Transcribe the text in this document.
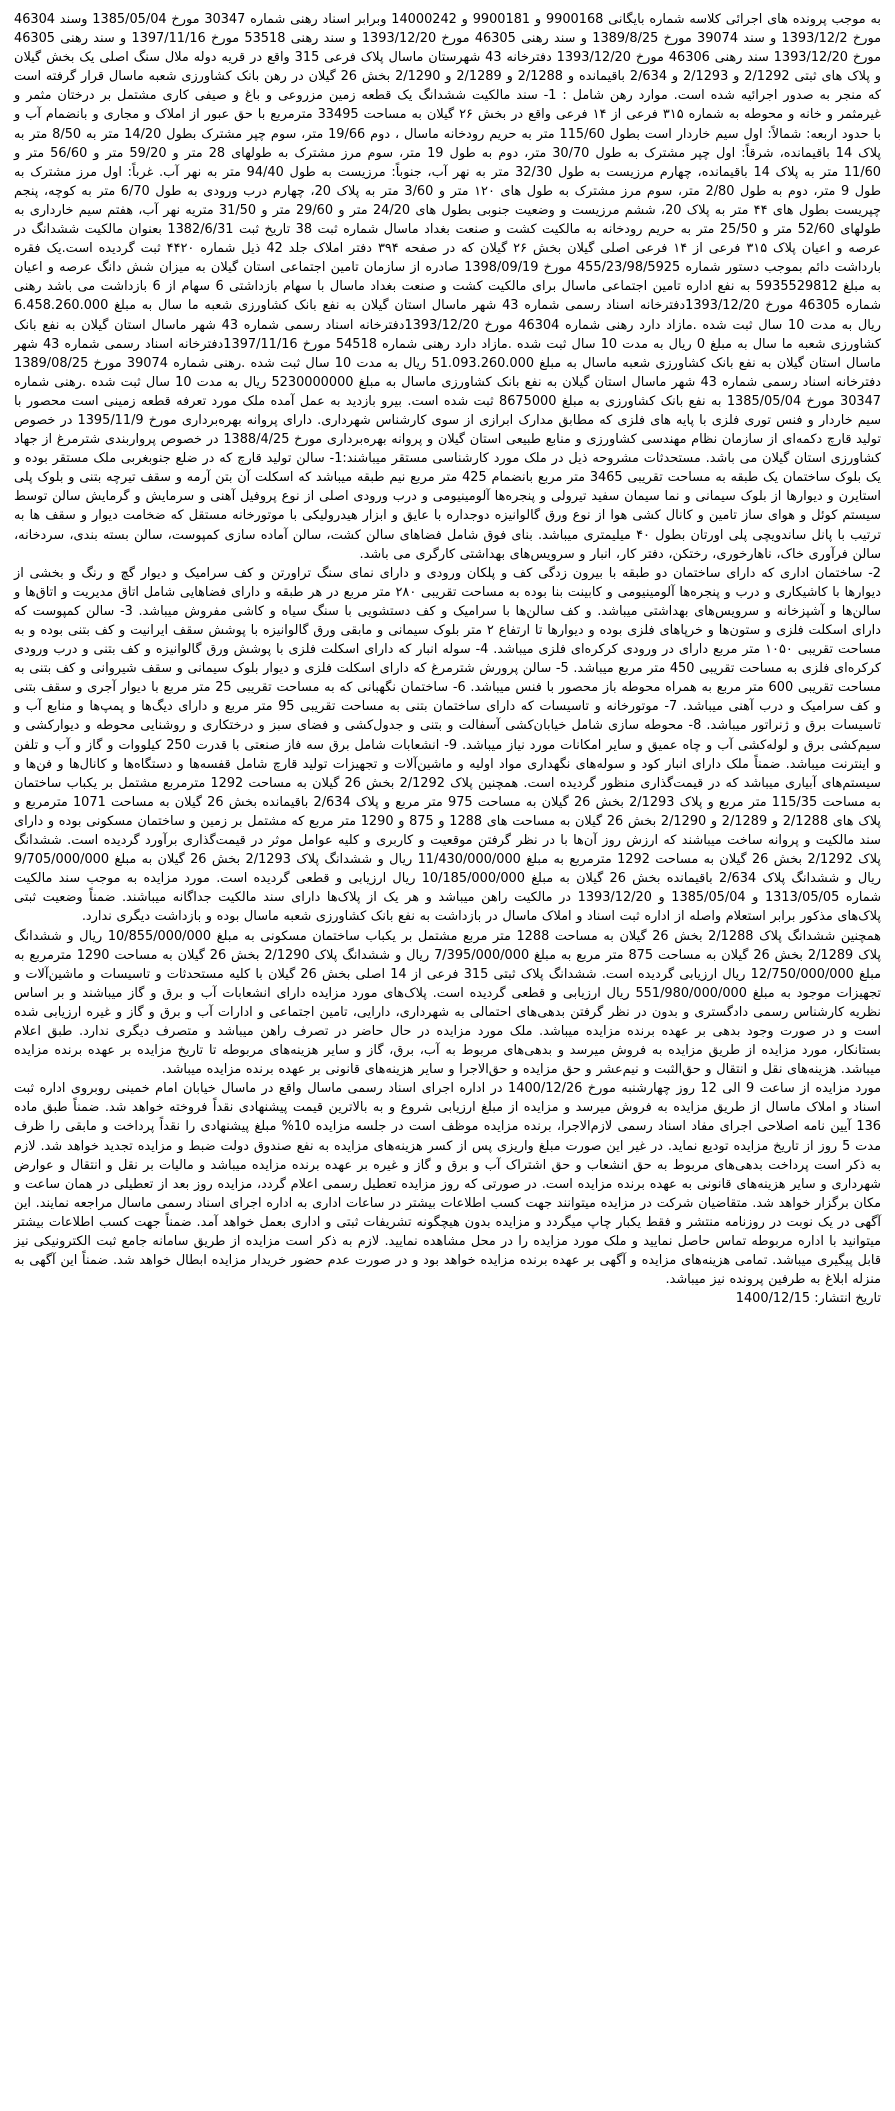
به موجب پرونده های اجرائی کلاسه شماره بایگانی 9900168 و 9900181 و 14000242 وبرابر اسناد رهنی شماره 30347 مورخ 1385/05/04 وسند 46304 مورخ 1393/12/2 و سند 39074 مورخ 1389/8/25 و سند رهنی 46305 مورخ 1393/12/20 و سند رهنی 53518 مورخ 1397/11/16 و سند رهنی 46305 مورخ 1393/12/20 سند رهنی 46306 مورخ 1393/12/20 دفترخانه 43 شهرستان ماسال پلاک فرعی 315 واقع در قریه دوله ملال سنگ اصلی یک بخش گیلان و پلاک های ثبتی 2/1292 و 2/1293 و 2/634 باقیمانده و 2/1288 و 2/1289 و 2/1290 بخش 26 گیلان در رهن بانک کشاورزی شعبه ماسال قرار گرفته است که منجر به صدور اجرائیه شده است. موارد رهن شامل : 1- سند مالکیت ششدانگ یک قطعه زمین مزروعی و باغ و صیفی کاری مشتمل بر درختان مثمر و غیرمثمر و خانه و محوطه به شماره ۳۱۵ فرعی از ۱۴ فرعی واقع در بخش ۲۶ گیلان به مساحت 33495 مترمربع با حق عبور از املاک و مجاری و بانضمام آب و با حدود اربعه: شمالاً: اول سیم خاردار است بطول 115/60 متر به حریم رودخانه ماسال ، دوم 19/66 متر، سوم چپر مشترک بطول 14/20 متر به 8/50 متر به پلاک 14 باقیمانده، شرقاً: اول چپر مشترک به طول 30/70 متر، دوم به طول 19 متر، سوم مرز مشترک به طولهای 28 متر و 59/20 متر و 56/60 متر و 11/60 متر به پلاک 14 باقیمانده، چهارم مرزیست به طول 32/30 متر به نهر آب، جنوباً: مرزیست به طول 94/40 متر به نهر آب. غرباً: اول مرز مشترک به طول 9 متر، دوم به طول 2/80 متر، سوم مرز مشترک به طول های ۱۲۰ متر و 3/60 متر به پلاک 20، چهارم درب ورودی به طول 6/70 متر به کوچه، پنجم چپریست بطول های ۴۴ متر به پلاک 20، ششم مرزیست و وضعیت جنوبی بطول های 24/20 متر و 29/60 متر و 31/50 متریه نهر آب، هفتم سیم خارداری به طولهای 52/60 متر و 25/50 متر به حریم رودخانه به مالکیت کشت و صنعت بغداد ماسال شماره ثبت 38 تاریخ ثبت 1382/6/31 بعنوان مالکیت ششدانگ در عرصه و اعیان پلاک ۳۱۵ فرعی از ۱۴ فرعی اصلی گیلان بخش ۲۶ گیلان که در صفحه ۳۹۴ دفتر املاک جلد 42 ذیل شماره ۴۴۲۰ ثبت گردیده است.یک فقره بارداشت دائم بموجب دستور شماره 455/23/98/5925 مورخ 1398/09/19 صادره از سازمان تامین اجتماعی استان گیلان به میزان شش دانگ عرصه و اعیان به مبلغ 5935529812 به نفع اداره تامین اجتماعی ماسال برای مالکیت کشت و صنعت بغداد ماسال با سهام بازداشتی 6 سهام از 6 بازداشت می باشد رهنی شماره 46305 مورخ 1393/12/20دفترخانه اسناد رسمی شماره 43 شهر ماسال استان گیلان به نفع بانک کشاورزی شعبه ما سال به مبلغ 6.458.260.000 ریال به مدت 10 سال ثبت شده .مازاد دارد رهنی شماره 46304 مورخ 1393/12/20دفترخانه اسناد رسمی شماره 43 شهر ماسال استان گیلان به نفع بانک کشاورزی شعبه ما سال به مبلغ 0 ریال به مدت 10 سال ثبت شده .مازاد دارد رهنی شماره 54518 مورخ 1397/11/16دفترخانه اسناد رسمی شماره 43 شهر ماسال استان گیلان به نفع بانک کشاورزی شعبه ماسال به مبلغ 51.093.260.000 ریال به مدت 10 سال ثبت شده .رهنی شماره 39074 مورخ 1389/08/25 دفترخانه اسناد رسمی شماره 43 شهر ماسال استان گیلان به نفع بانک کشاورزی ماسال به مبلغ 5230000000 ریال به مدت 10 سال ثبت شده .رهنی شماره 30347 مورخ 1385/05/04 به نفع بانک کشاورزی به مبلغ 8675000 ثبت شده است. بیرو بازدید به عمل آمده ملک مورد تعرفه قطعه زمینی است محصور با سیم خاردار و فنس توری فلزی با پایه های فلزی که مطابق مدارک ابرازی از سوی کارشناس شهرداری. دارای پروانه بهره‌برداری مورخ 1395/11/9 در خصوص تولید قارچ دکمه‌ای از سازمان نظام مهندسی کشاورزی و منابع طبیعی استان گیلان و پروانه بهره‌برداری مورخ 1388/4/25 در خصوص پرواربندی شترمرغ از جهاد کشاورزی استان گیلان می باشد. مستحدثات مشروحه ذیل در ملک مورد کارشناسی مستقر میباشند:1- سالن تولید قارچ که در ضلع جنوبغربی ملک مستقر بوده و یک بلوک ساختمان یک طبقه به مساحت تقریبی 3465 متر مربع بانضمام 425 متر مربع نیم طبقه میباشد که اسکلت آن بتن آرمه و سقف تیرچه بتنی و بلوک پلی استایرن و دیوارها از بلوک سیمانی و نما سیمان سفید تیرولی و پنجره‌ها آلومینیومی و درب ورودی اصلی از نوع پروفیل آهنی و سرمایش و گرمایش سالن توسط سیستم کوئل و هوای ساز تامین و کانال کشی هوا از نوع ورق گالوانیزه دوجداره با عایق و ابزار هیدرولیکی با موتورخانه مستقل که ضخامت دیوار و سقف ها به ترتیب با پانل ساندویچی پلی اورتان بطول ۴۰ میلیمتری میباشد. بنای فوق شامل فضاهای سالن کشت، سالن آماده سازی کمپوست، سالن بسته بندی، سردخانه، سالن فرآوری خاک، ناهارخوری، رختکن، دفتر کار، انبار و سرویس‌های بهداشتی کارگری می باشد.

2- ساختمان اداری که دارای ساختمان دو طبقه با بیرون زدگی کف و پلکان ورودی و دارای نمای سنگ تراورتن و کف سرامیک و دیوار گچ و رنگ و بخشی از دیوارها با کاشیکاری و درب و پنجره‌ها آلومینیومی و کابینت بنا بوده به مساحت تقریبی ۲۸۰ متر مربع در هر طبقه و دارای فضاهایی شامل اتاق مدیریت و اتاق‌ها و سالن‌ها و آشپزخانه و سرویس‌های بهداشتی میباشد. و کف سالن‌ها با سرامیک و کف دستشویی با سنگ سیاه و کاشی مفروش میباشد. 3- سالن کمپوست که دارای اسکلت فلزی و ستون‌ها و خرپاهای فلزی بوده و دیوارها تا ارتفاع ۲ متر بلوک سیمانی و مابقی ورق گالوانیزه با پوشش سقف ایرانیت و کف بتنی بوده و به مساحت تقریبی ۱۰۵۰ متر مربع دارای در ورودی کرکره‌ای فلزی میباشد. 4- سوله انبار که دارای اسکلت فلزی با پوشش ورق گالوانیزه و کف بتنی و درب ورودی کرکره‌ای فلزی به مساحت تقریبی 450 متر مربع میباشد. 5- سالن پرورش شترمرغ که دارای اسکلت فلزی و دیوار بلوک سیمانی و سقف شیروانی و کف بتنی به مساحت تقریبی 600 متر مربع به همراه محوطه باز محصور با فنس میباشد. 6- ساختمان نگهبانی که به مساحت تقریبی 25 متر مربع با دیوار آجری و سقف بتنی و کف سرامیک و درب آهنی میباشد. 7- موتورخانه و تاسیسات که دارای ساختمان بتنی به مساحت تقریبی 95 متر مربع و دارای دیگ‌ها و پمپ‌ها و منابع آب و تاسیسات برق و ژنراتور میباشد. 8- محوطه سازی شامل خیابان‌کشی آسفالت و بتنی و جدول‌کشی و فضای سبز و درختکاری و روشنایی محوطه و دیوارکشی و سیم‌کشی برق و لوله‌کشی آب و چاه عمیق و سایر امکانات مورد نیاز میباشد. 9- انشعابات شامل برق سه فاز صنعتی با قدرت 250 کیلووات و گاز و آب و تلفن و اینترنت میباشد. ضمناً ملک دارای انبار کود و سوله‌های نگهداری مواد اولیه و ماشین‌آلات و تجهیزات تولید قارچ شامل قفسه‌ها و دستگاه‌ها و کانال‌ها و فن‌ها و سیستم‌های آبیاری میباشد که در قیمت‌گذاری منظور گردیده است. همچنین پلاک 2/1292 بخش 26 گیلان به مساحت 1292 مترمربع مشتمل بر یکباب ساختمان به مساحت 115/35 متر مربع و پلاک 2/1293 بخش 26 گیلان به مساحت 975 متر مربع و پلاک 2/634 باقیمانده بخش 26 گیلان به مساحت 1071 مترمربع و پلاک های 2/1288 و 2/1289 و 2/1290 بخش 26 گیلان به مساحت های 1288 و 875 و 1290 متر مربع که مشتمل بر زمین و ساختمان مسکونی بوده و دارای سند مالکیت و پروانه ساخت میباشند که ارزش روز آن‌ها با در نظر گرفتن موقعیت و کاربری و کلیه عوامل موثر در قیمت‌گذاری برآورد گردیده است. ششدانگ پلاک 2/1292 بخش 26 گیلان به مساحت 1292 مترمربع به مبلغ 11/430/000/000 ریال و ششدانگ پلاک 2/1293 بخش 26 گیلان به مبلغ 9/705/000/000 ریال و ششدانگ پلاک 2/634 باقیمانده بخش 26 گیلان به مبلغ 10/185/000/000 ریال ارزیابی و قطعی گردیده است. مورد مزایده به موجب سند مالکیت شماره 1313/05/05 و 1385/05/04 و 1393/12/20 در مالکیت راهن میباشد و هر یک از پلاک‌ها دارای سند مالکیت جداگانه میباشند. ضمناً وضعیت ثبتی پلاک‌های مذکور برابر استعلام واصله از اداره ثبت اسناد و املاک ماسال در بازداشت به نفع بانک کشاورزی شعبه ماسال بوده و بازداشت دیگری ندارد.

همچنین ششدانگ پلاک 2/1288 بخش 26 گیلان به مساحت 1288 متر مربع مشتمل بر یکباب ساختمان مسکونی به مبلغ 10/855/000/000 ریال و ششدانگ پلاک 2/1289 بخش 26 گیلان به مساحت 875 متر مربع به مبلغ 7/395/000/000 ریال و ششدانگ پلاک 2/1290 بخش 26 گیلان به مساحت 1290 مترمربع به مبلغ 12/750/000/000 ریال ارزیابی گردیده است. ششدانگ پلاک ثبتی 315 فرعی از 14 اصلی بخش 26 گیلان با کلیه مستحدثات و تاسیسات و ماشین‌آلات و تجهیزات موجود به مبلغ 551/980/000/000 ریال ارزیابی و قطعی گردیده است. پلاک‌های مورد مزایده دارای انشعابات آب و برق و گاز میباشند و بر اساس نظریه کارشناس رسمی دادگستری و بدون در نظر گرفتن بدهی‌های احتمالی به شهرداری، دارایی، تامین اجتماعی و ادارات آب و برق و گاز و غیره ارزیابی شده است و در صورت وجود بدهی بر عهده برنده مزایده میباشد. ملک مورد مزایده در حال حاضر در تصرف راهن میباشد و متصرف دیگری ندارد. طبق اعلام بستانکار، مورد مزایده از طریق مزایده به فروش میرسد و بدهی‌های مربوط به آب، برق، گاز و سایر هزینه‌های مربوطه تا تاریخ مزایده بر عهده برنده مزایده میباشد. هزینه‌های نقل و انتقال و حق‌الثبت و نیم‌عشر و حق مزایده و حق‌الاجرا و سایر هزینه‌های قانونی بر عهده برنده مزایده میباشد.

مورد مزایده از ساعت 9 الی 12 روز چهارشنبه مورخ 1400/12/26 در اداره اجرای اسناد رسمی ماسال واقع در ماسال خیابان امام خمینی روبروی اداره ثبت اسناد و املاک ماسال از طریق مزایده به فروش میرسد و مزایده از مبلغ ارزیابی شروع و به بالاترین قیمت پیشنهادی نقداً فروخته خواهد شد. ضمناً طبق ماده 136 آیین نامه اصلاحی اجرای مفاد اسناد رسمی لازم‌الاجرا، برنده مزایده موظف است در جلسه مزایده 10% مبلغ پیشنهادی را نقداً پرداخت و مابقی را ظرف مدت 5 روز از تاریخ مزایده تودیع نماید. در غیر این صورت مبلغ واریزی پس از کسر هزینه‌های مزایده به نفع صندوق دولت ضبط و مزایده تجدید خواهد شد. لازم به ذکر است پرداخت بدهی‌های مربوط به حق انشعاب و حق اشتراک آب و برق و گاز و غیره بر عهده برنده مزایده میباشد و مالیات بر نقل و انتقال و عوارض شهرداری و سایر هزینه‌های قانونی به عهده برنده مزایده است. در صورتی که روز مزایده تعطیل رسمی اعلام گردد، مزایده روز بعد از تعطیلی در همان ساعت و مکان برگزار خواهد شد. متقاضیان شرکت در مزایده میتوانند جهت کسب اطلاعات بیشتر در ساعات اداری به اداره اجرای اسناد رسمی ماسال مراجعه نمایند. این آگهی در یک نوبت در روزنامه منتشر و فقط یکبار چاپ میگردد و مزایده بدون هیچگونه تشریفات ثبتی و اداری بعمل خواهد آمد. ضمناً جهت کسب اطلاعات بیشتر میتوانید با اداره مربوطه تماس حاصل نمایید و ملک مورد مزایده را در محل مشاهده نمایید. لازم به ذکر است مزایده از طریق سامانه جامع ثبت الکترونیکی نیز قابل پیگیری میباشد. تمامی هزینه‌های مزایده و آگهی بر عهده برنده مزایده خواهد بود و در صورت عدم حضور خریدار مزایده ابطال خواهد شد. ضمناً این آگهی به منزله ابلاغ به طرفین پرونده نیز میباشد.

تاریخ انتشار: 1400/12/15
